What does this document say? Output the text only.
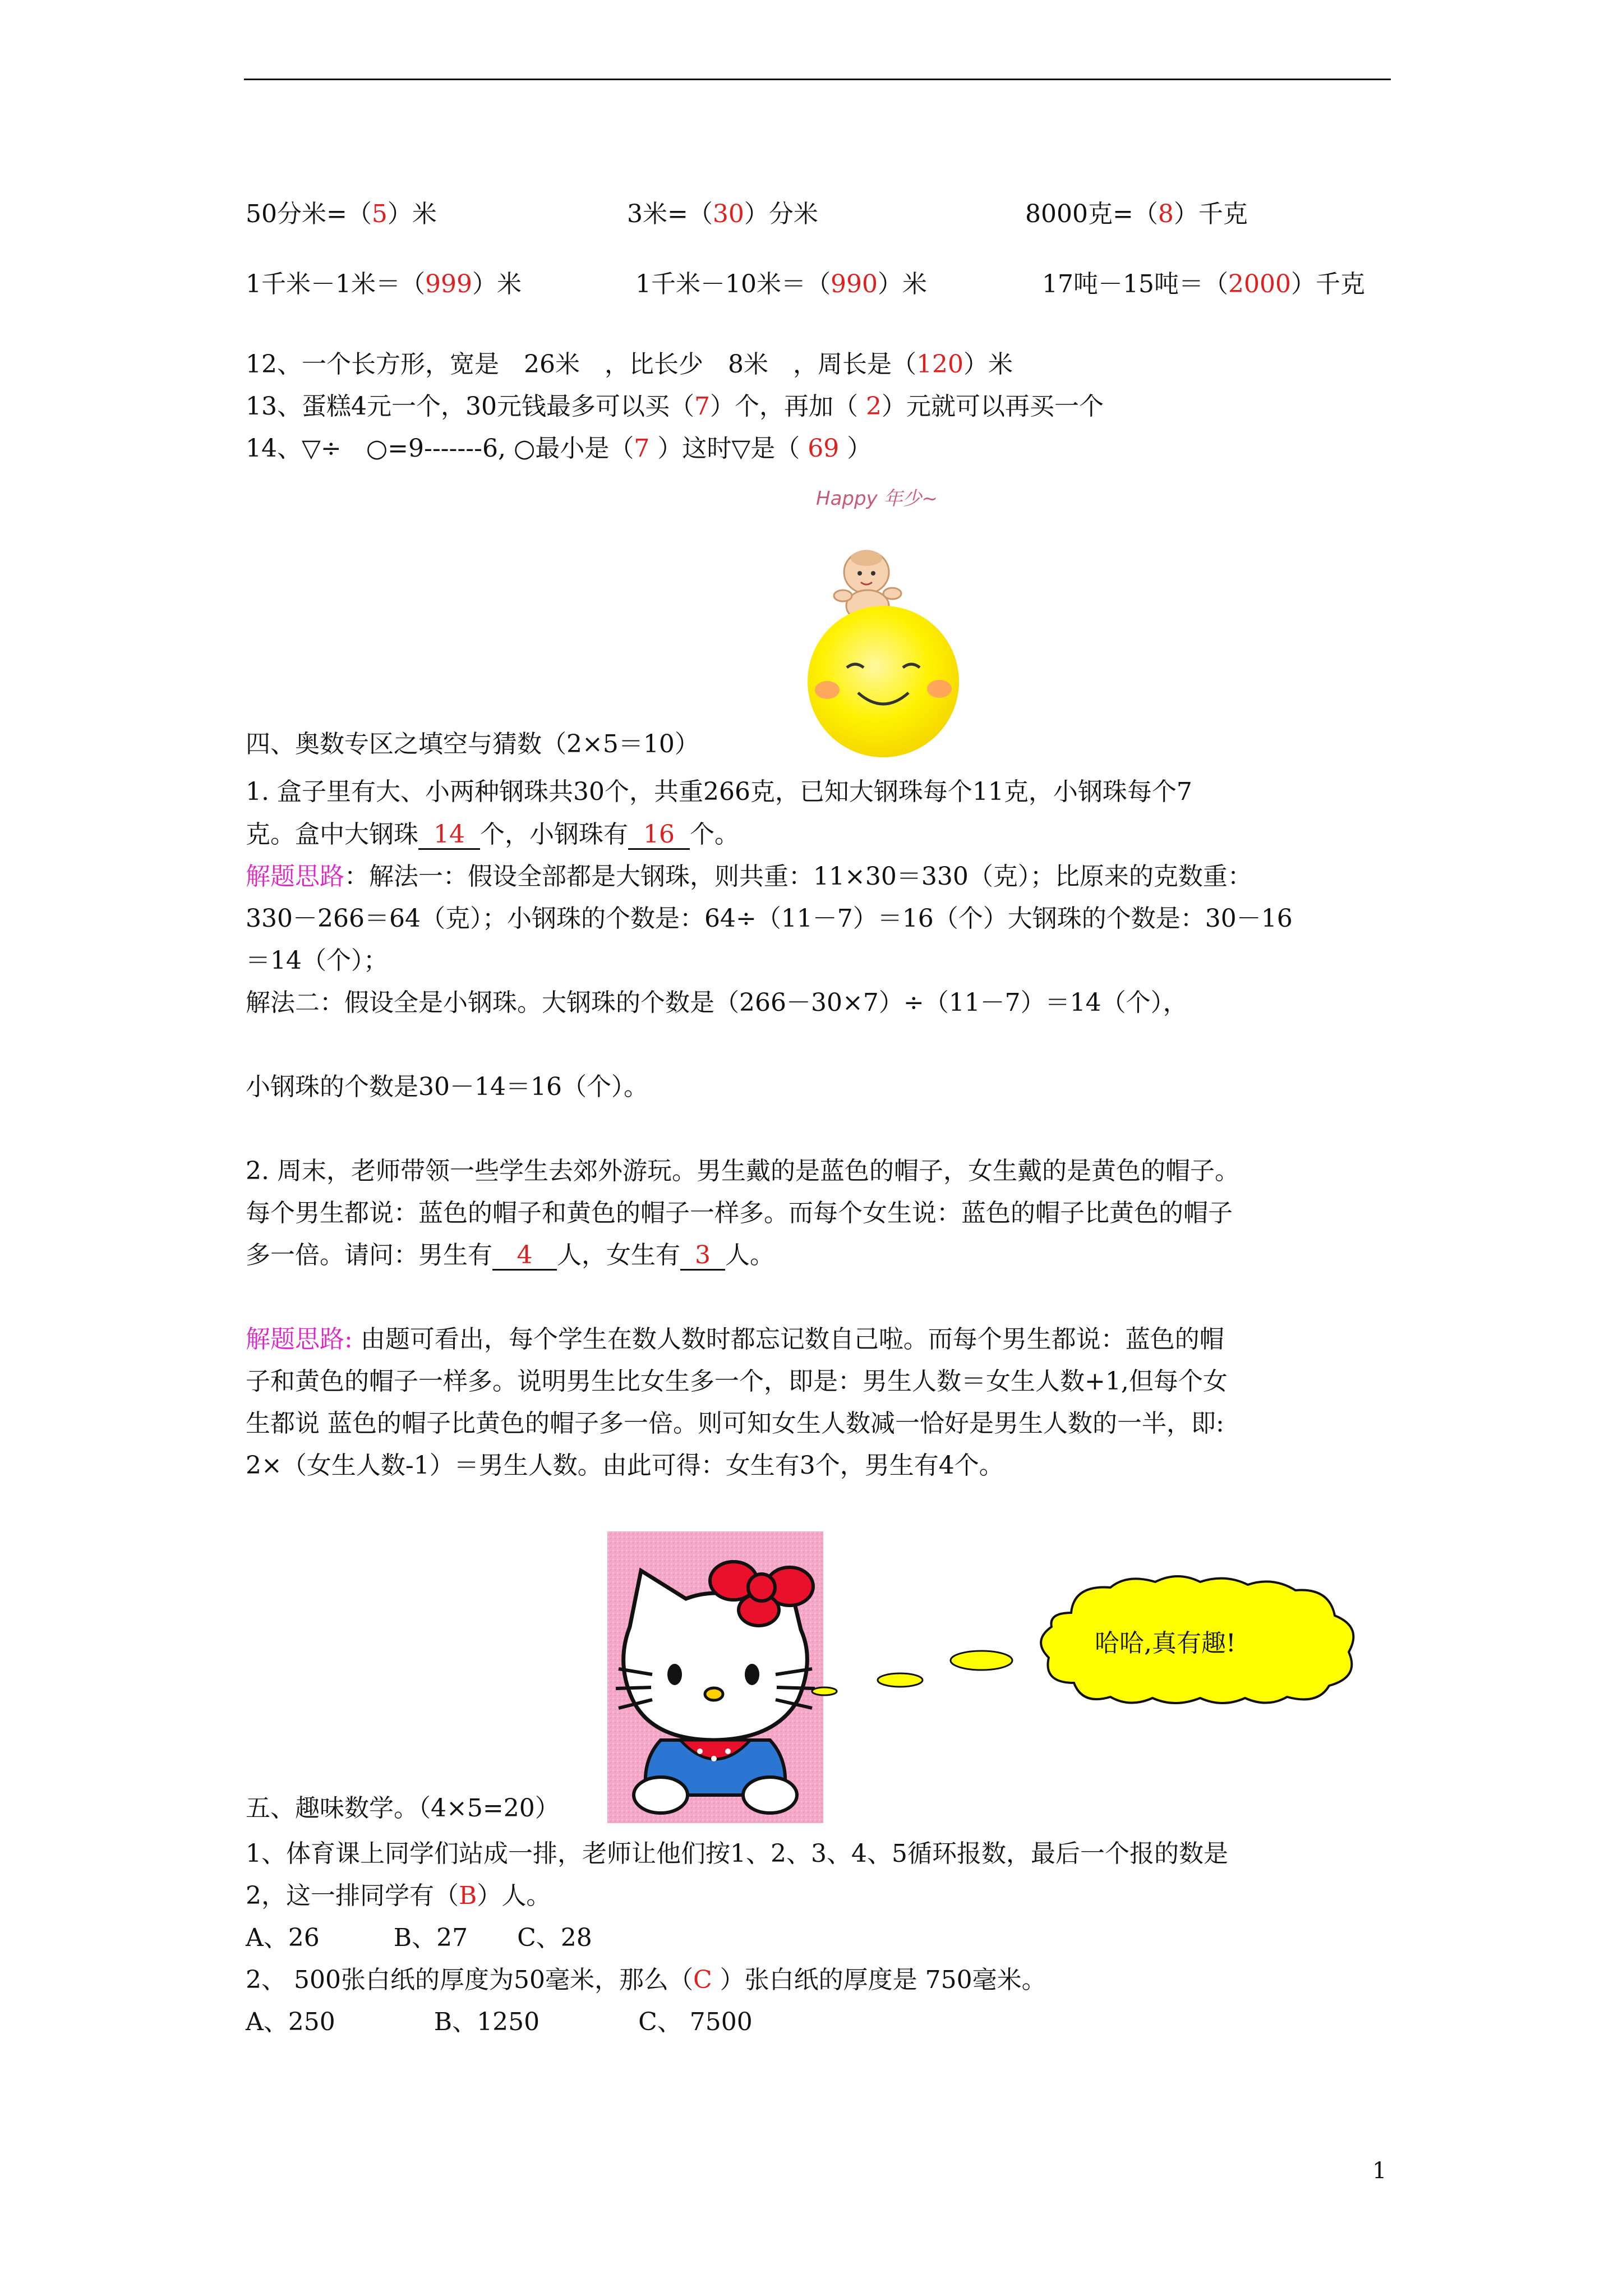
50分米=（5）米	3米=（30）分米	8000克=（8）千克
1千米－1米＝（999）米	1千米－10米＝（990）米	17吨－15吨＝（2000）千克
12、一个长方形，宽是　26米　，比长少　8米　，周长是（120）米
13、蛋糕4元一个，30元钱最多可以买（7）个，再加（ 2）元就可以再买一个
14、▽÷　○=9-------6, ○最小是（7 ）这时▽是（ 69 ）
Happy 年少~
四、奥数专区之填空与猜数（2×5＝10）
1. 盒子里有大、小两种钢珠共30个，共重266克，已知大钢珠每个11克，小钢珠每个7
克。盒中大钢珠 14 个，小钢珠有 16 个。
解题思路：解法一：假设全部都是大钢珠，则共重：11×30＝330（克）；比原来的克数重：
330－266＝64（克）；小钢珠的个数是：64÷（11－7）＝16（个）大钢珠的个数是：30－16
＝14（个）；
解法二：假设全是小钢珠。大钢珠的个数是（266－30×7）÷（11－7）＝14（个），
小钢珠的个数是30－14＝16（个）。
2. 周末，老师带领一些学生去郊外游玩。男生戴的是蓝色的帽子，女生戴的是黄色的帽子。
每个男生都说：蓝色的帽子和黄色的帽子一样多。而每个女生说：蓝色的帽子比黄色的帽子
多一倍。请问：男生有 4 人，女生有 3 人。
解题思路: 由题可看出，每个学生在数人数时都忘记数自己啦。而每个男生都说：蓝色的帽
子和黄色的帽子一样多。说明男生比女生多一个，即是：男生人数＝女生人数+1,但每个女
生都说 蓝色的帽子比黄色的帽子多一倍。则可知女生人数减一恰好是男生人数的一半，即:
2×（女生人数-1）＝男生人数。由此可得：女生有3个，男生有4个。
哈哈,真有趣!
五、趣味数学。（4×5=20）
1、体育课上同学们站成一排，老师让他们按1、2、3、4、5循环报数，最后一个报的数是
2，这一排同学有（B）人。
A、26　　　B、27　　C、28
2、 500张白纸的厚度为50毫米，那么（C ）张白纸的厚度是 750毫米。
A、250　　　　B、1250　　　　C、 7500
1
